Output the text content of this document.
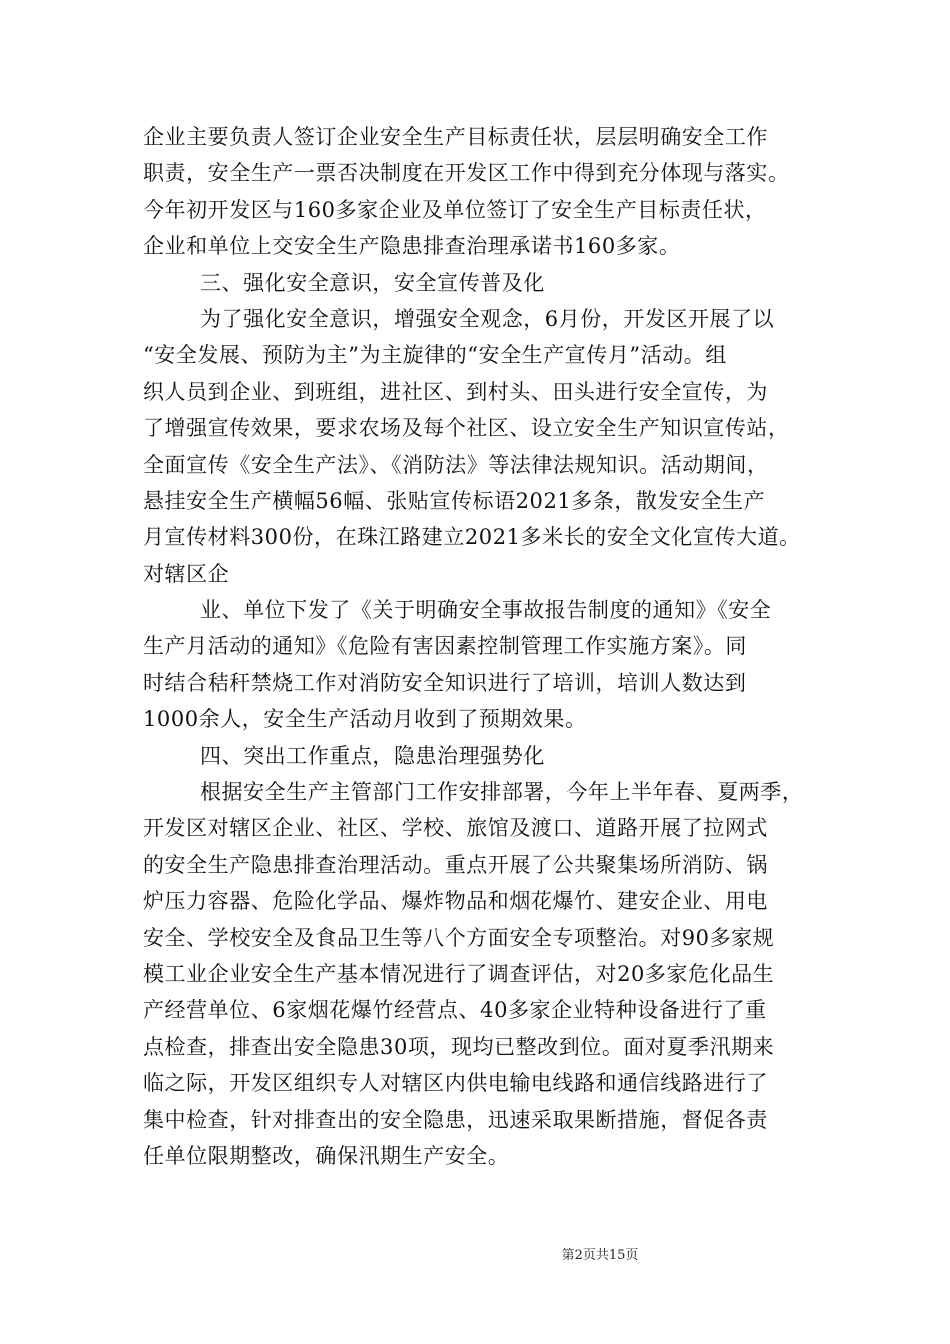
企业主要负责人签订企业安全生产目标责任状，层层明确安全工作
职责，安全生产一票否决制度在开发区工作中得到充分体现与落实。
今年初开发区与160多家企业及单位签订了安全生产目标责任状，
企业和单位上交安全生产隐患排查治理承诺书160多家。
三、强化安全意识，安全宣传普及化
为了强化安全意识，增强安全观念，6月份，开发区开展了以
“安全发展、预防为主”为主旋律的“安全生产宣传月”活动。组
织人员到企业、到班组，进社区、到村头、田头进行安全宣传，为
了增强宣传效果，要求农场及每个社区、设立安全生产知识宣传站，
全面宣传《安全生产法》、《消防法》等法律法规知识。活动期间，
悬挂安全生产横幅56幅、张贴宣传标语2021多条，散发安全生产
月宣传材料300份，在珠江路建立2021多米长的安全文化宣传大道。
对辖区企
业、单位下发了《关于明确安全事故报告制度的通知》《安全
生产月活动的通知》《危险有害因素控制管理工作实施方案》。同
时结合秸秆禁烧工作对消防安全知识进行了培训，培训人数达到
1000余人，安全生产活动月收到了预期效果。
四、突出工作重点，隐患治理强势化
根据安全生产主管部门工作安排部署，今年上半年春、夏两季，
开发区对辖区企业、社区、学校、旅馆及渡口、道路开展了拉网式
的安全生产隐患排查治理活动。重点开展了公共聚集场所消防、锅
炉压力容器、危险化学品、爆炸物品和烟花爆竹、建安企业、用电
安全、学校安全及食品卫生等八个方面安全专项整治。对90多家规
模工业企业安全生产基本情况进行了调查评估，对20多家危化品生
产经营单位、6家烟花爆竹经营点、40多家企业特种设备进行了重
点检查，排查出安全隐患30项，现均已整改到位。面对夏季汛期来
临之际，开发区组织专人对辖区内供电输电线路和通信线路进行了
集中检查，针对排查出的安全隐患，迅速采取果断措施，督促各责
任单位限期整改，确保汛期生产安全。
第2页共15页
